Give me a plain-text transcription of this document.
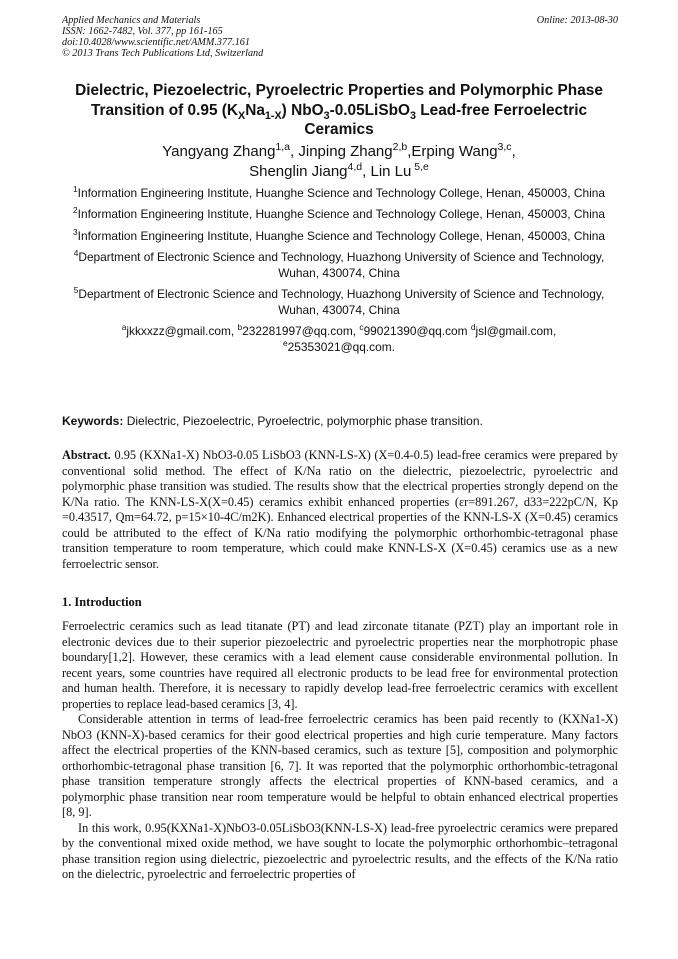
Applied Mechanics and Materials
ISSN: 1662-7482, Vol. 377, pp 161-165
doi:10.4028/www.scientific.net/AMM.377.161
© 2013 Trans Tech Publications Ltd, Switzerland
Online: 2013-08-30
Dielectric, Piezoelectric, Pyroelectric Properties and Polymorphic Phase Transition of 0.95 $(K_XNa_{1-X})$ NbO$_3$-0.05LiSbO$_3$ Lead-free Ferroelectric Ceramics
Yangyang Zhang$^{1,a}$, Jinping Zhang$^{2,b}$,Erping Wang$^{3,c}$,
Shenglin Jiang$^{4,d}$, Lin Lu $^{5,e}$
$^1$Information Engineering Institute, Huanghe Science and Technology College, Henan, 450003, China
$^2$Information Engineering Institute, Huanghe Science and Technology College, Henan, 450003, China
$^3$Information Engineering Institute, Huanghe Science and Technology College, Henan, 450003, China
$^4$Department of Electronic Science and Technology, Huazhong University of Science and Technology, Wuhan, 430074, China
$^5$Department of Electronic Science and Technology, Huazhong University of Science and Technology, Wuhan, 430074, China
$^a$jkkxxzz@gmail.com, $^b$232281997@qq.com, $^c$99021390@qq.com $^d$jsl@gmail.com,
$^e$25353021@qq.com.
Keywords: Dielectric, Piezoelectric, Pyroelectric, polymorphic phase transition.

Abstract. 0.95 (KXNa1-X) NbO3-0.05 LiSbO3 (KNN-LS-X) (X=0.4-0.5) lead-free ceramics were prepared by conventional solid method. The effect of K/Na ratio on the dielectric, piezoelectric, pyroelectric and polymorphic phase transition was studied. The results show that the electrical properties strongly depend on the K/Na ratio. The KNN-LS-X(X=0.45) ceramics exhibit enhanced properties (εr=891.267, d33=222pC/N, Kp =0.43517, Qm=64.72, p=15×10-4C/m2K). Enhanced electrical properties of the KNN-LS-X (X=0.45) ceramics could be attributed to the effect of K/Na ratio modifying the polymorphic orthorhombic-tetragonal phase transition temperature to room temperature, which could make KNN-LS-X (X=0.45) ceramics use as a new ferroelectric sensor.

1. Introduction

Ferroelectric ceramics such as lead titanate (PT) and lead zirconate titanate (PZT) play an important role in electronic devices due to their superior piezoelectric and pyroelectric properties near the morphotropic phase boundary[1,2]. However, these ceramics with a lead element cause considerable environmental pollution. In recent years, some countries have required all electronic products to be lead free for environmental protection and human health. Therefore, it is necessary to rapidly develop lead-free ferroelectric ceramics with excellent properties to replace lead-based ceramics [3, 4].

Considerable attention in terms of lead-free ferroelectric ceramics has been paid recently to (KXNa1-X) NbO3 (KNN-X)-based ceramics for their good electrical properties and high curie temperature. Many factors affect the electrical properties of the KNN-based ceramics, such as texture [5], composition and polymorphic orthorhombic-tetragonal phase transition [6, 7]. It was reported that the polymorphic orthorhombic-tetragonal phase transition temperature strongly affects the electrical properties of KNN-based ceramics, and a polymorphic phase transition near room temperature would be helpful to obtain enhanced electrical properties [8, 9].

In this work, 0.95(KXNa1-X)NbO3-0.05LiSbO3(KNN-LS-X) lead-free pyroelectric ceramics were prepared by the conventional mixed oxide method, we have sought to locate the polymorphic orthorhombic–tetragonal phase transition region using dielectric, piezoelectric and pyroelectric results, and the effects of the K/Na ratio on the dielectric, pyroelectric and ferroelectric properties of
